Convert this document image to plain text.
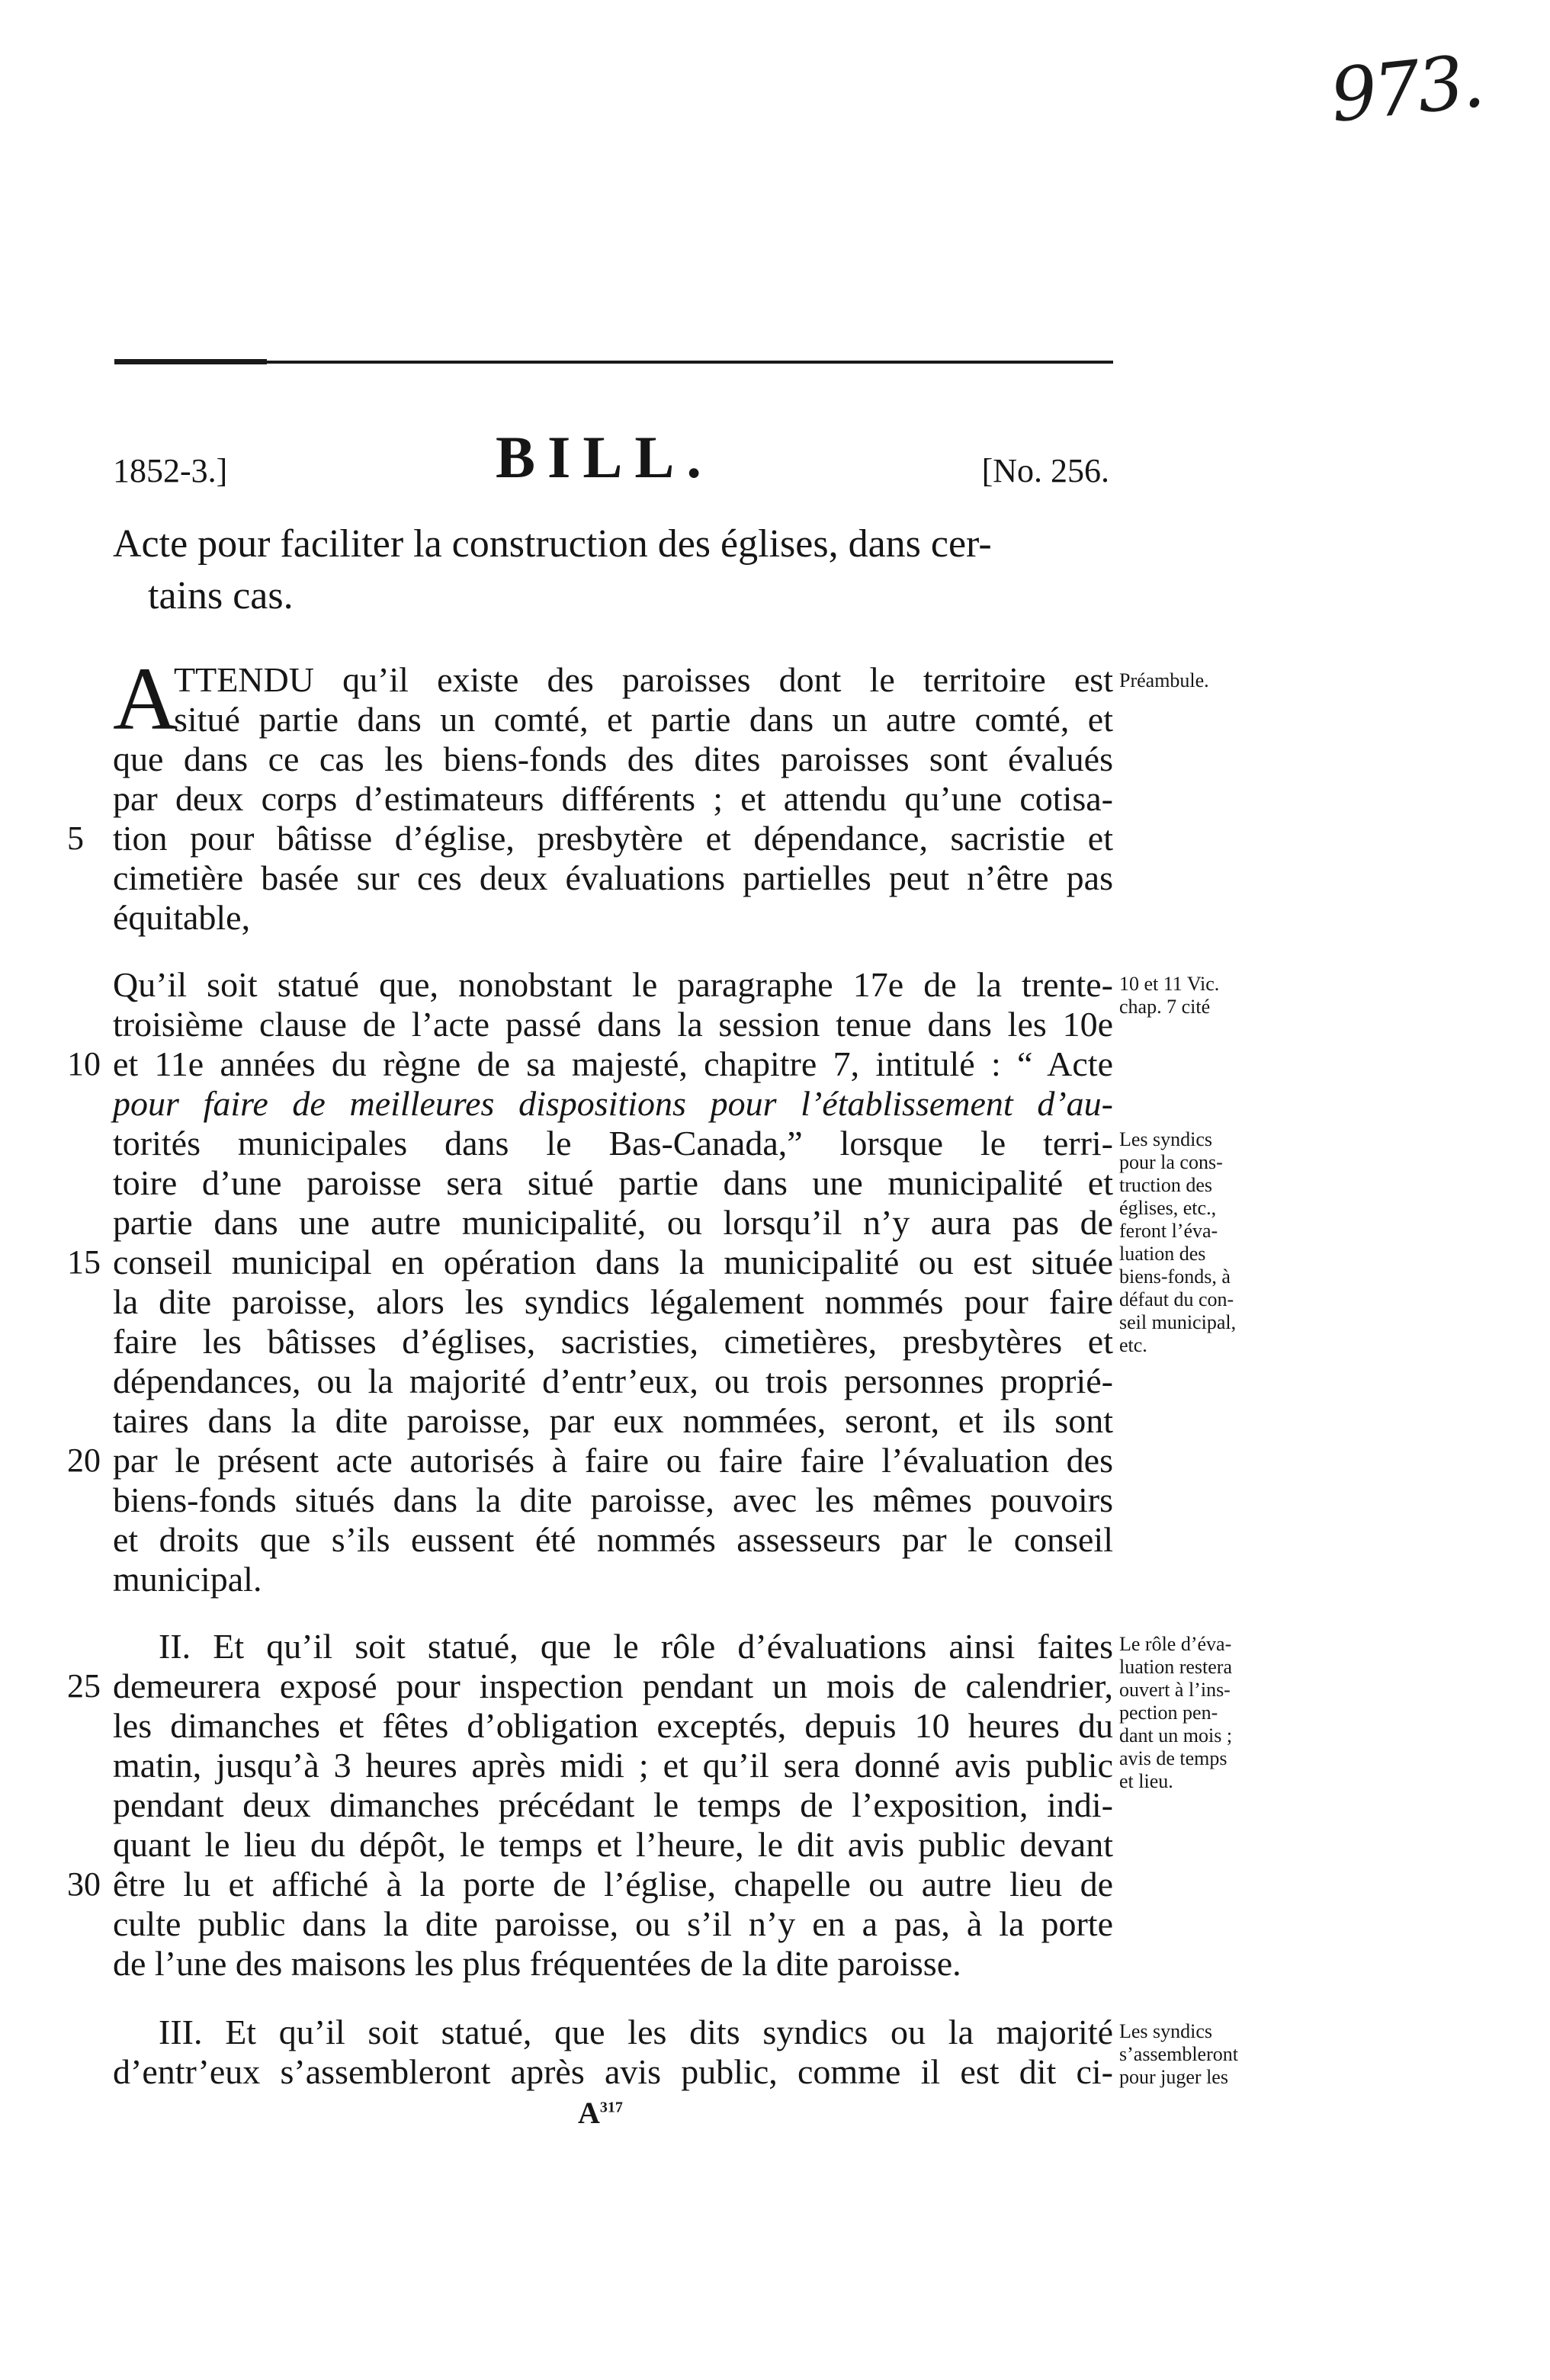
973.
1852-3.]	BILL.	[No. 256.
Acte pour faciliter la construction des églises, dans cer-
tains cas.
A
TTENDU qu’il existe des paroisses dont le territoire est
situé partie dans un comté, et partie dans un autre comté, et
que dans ce cas les biens-fonds des dites paroisses sont évalués
par deux corps d’estimateurs différents ; et attendu qu’une cotisa-
tion pour bâtisse d’église, presbytère et dépendance, sacristie et
cimetière basée sur ces deux évaluations partielles peut n’être pas
équitable,
Préambule.
5
Qu’il soit statué que, nonobstant le paragraphe 17e de la trente-
troisième clause de l’acte passé dans la session tenue dans les 10e
et 11e années du règne de sa majesté, chapitre 7, intitulé : “ Acte
pour faire de meilleures dispositions pour l’établissement d’au-
torités municipales dans le Bas-Canada,” lorsque le terri-
toire d’une paroisse sera situé partie dans une municipalité et
partie dans une autre municipalité, ou lorsqu’il n’y aura pas de
conseil municipal en opération dans la municipalité ou est située
la dite paroisse, alors les syndics légalement nommés pour faire
faire les bâtisses d’églises, sacristies, cimetières, presbytères et
dépendances, ou la majorité d’entr’eux, ou trois personnes proprié-
taires dans la dite paroisse, par eux nommées, seront, et ils sont
par le présent acte autorisés à faire ou faire faire l’évaluation des
biens-fonds situés dans la dite paroisse, avec les mêmes pouvoirs
et droits que s’ils eussent été nommés assesseurs par le conseil
municipal.
10 et 11 Vic.
chap. 7 cité
Les syndics
pour la cons-
truction des
églises, etc.,
feront l’éva-
luation des
biens-fonds, à
défaut du con-
seil municipal,
etc.
10
15
20
II. Et qu’il soit statué, que le rôle d’évaluations ainsi faites
demeurera exposé pour inspection pendant un mois de calendrier,
les dimanches et fêtes d’obligation exceptés, depuis 10 heures du
matin, jusqu’à 3 heures après midi ; et qu’il sera donné avis public
pendant deux dimanches précédant le temps de l’exposition, indi-
quant le lieu du dépôt, le temps et l’heure, le dit avis public devant
être lu et affiché à la porte de l’église, chapelle ou autre lieu de
culte public dans la dite paroisse, ou s’il n’y en a pas, à la porte
de l’une des maisons les plus fréquentées de la dite paroisse.
Le rôle d’éva-
luation restera
ouvert à l’ins-
pection pen-
dant un mois ;
avis de temps
et lieu.
25
30
III. Et qu’il soit statué, que les dits syndics ou la majorité
d’entr’eux s’assembleront après avis public, comme il est dit ci-
Les syndics
s’assembleront
pour juger les
$A^{317}$
